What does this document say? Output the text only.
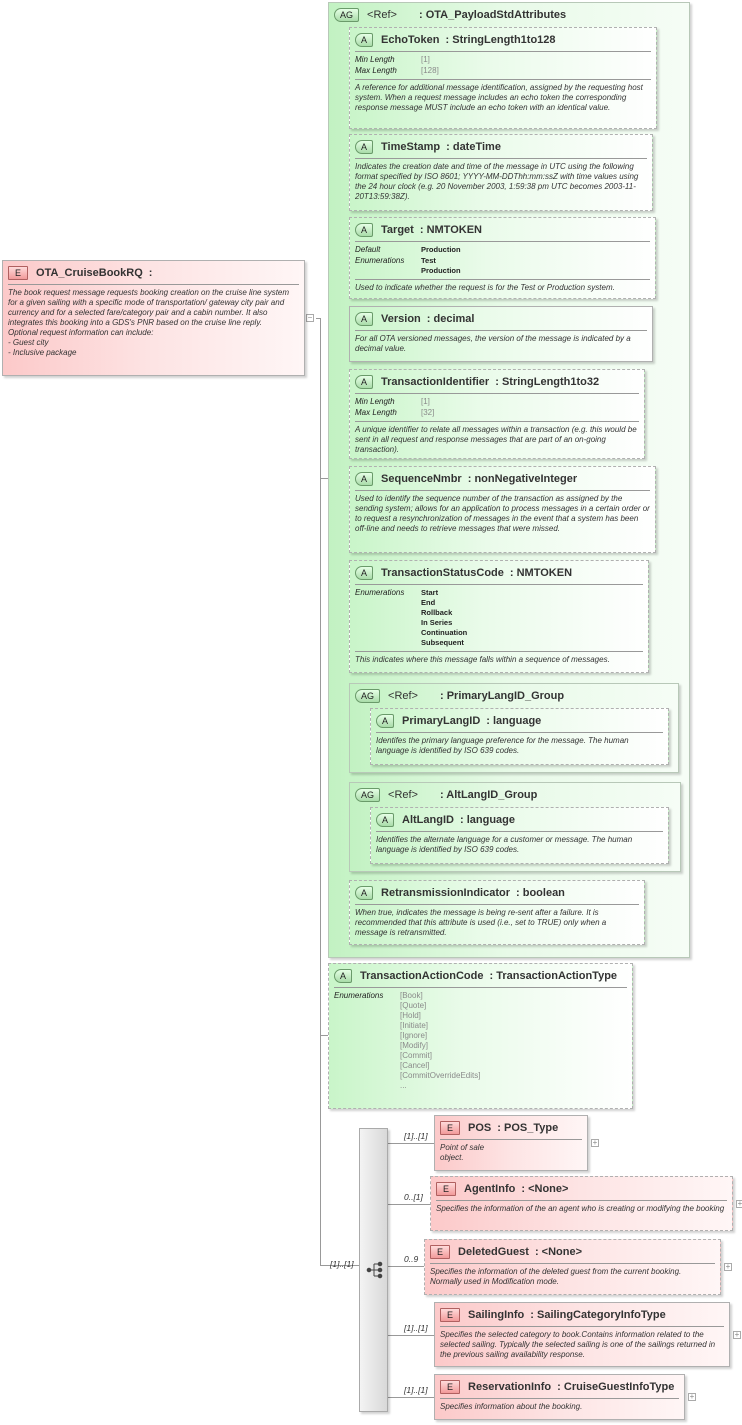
[1]..[1]
−
E	OTA_CruiseBookRQ
:
The book request message requests booking creation on the cruise line system for a given sailing with a specific mode of transportation/ gateway city pair and currency and for a selected fare/category pair and a cabin number. It also integrates this booking into a GDS's PNR based on the cruise line reply.
Optional request information can include:
- Guest city
- Inclusive package
AG	<Ref>	: OTA_PayloadStdAttributes
A	EchoToken	: StringLength1to128
Min Length	[1]
Max Length	[128]
A reference for additional message identification, assigned by the requesting host system. When a request message includes an echo token the corresponding response message MUST include an echo token with an identical value.
A	TimeStamp	: dateTime
Indicates the creation date and time of the message in UTC using the following format specified by ISO 8601; YYYY-MM-DDThh:mm:ssZ with time values using the 24 hour clock (e.g. 20 November 2003, 1:59:38 pm UTC becomes 2003-11-20T13:59:38Z).
A	Target	: NMTOKEN
Default	Production
Enumerations	Test
Production
Used to indicate whether the request is for the Test or Production system.
A	Version	: decimal
For all OTA versioned messages, the version of the message is indicated by a decimal value.
A	TransactionIdentifier	: StringLength1to32
Min Length	[1]
Max Length	[32]
A unique identifier to relate all messages within a transaction (e.g. this would be sent in all request and response messages that are part of an on-going transaction).
A	SequenceNmbr	: nonNegativeInteger
Used to identify the sequence number of the transaction as assigned by the sending system; allows for an application to process messages in a certain order or to request a resynchronization of messages in the event that a system has been off-line and needs to retrieve messages that were missed.
A	TransactionStatusCode	: NMTOKEN
Enumerations	Start
End
Rollback
In Series
Continuation
Subsequent
This indicates where this message falls within a sequence of messages.
AG	<Ref>	: PrimaryLangID_Group
A	PrimaryLangID	: language
Identifes the primary language preference for the message. The human language is identified by ISO 639 codes.
AG	<Ref>	: AltLangID_Group
A	AltLangID	: language
Identifies the alternate language for a customer or message. The human language is identified by ISO 639 codes.
A	RetransmissionIndicator	: boolean
When true, indicates the message is being re-sent after a failure. It is recommended that this attribute is used (i.e., set to TRUE) only when a message is retransmitted.
A	TransactionActionCode	: TransactionActionType
Enumerations	[Book]
[Quote]
[Hold]
[Initiate]
[Ignore]
[Modify]
[Commit]
[Cancel]
[CommitOverrideEdits]
...
E	POS	: POS_Type
Point of sale
object.
[1]..[1]
+
E	AgentInfo	: <None>
Specifies the information of the an agent who is creating or modifying the booking
0..[1]
+
E	DeletedGuest	: <None>
Specifies the information of the deleted guest from the current booking. Normally used in Modification mode.
0..9
+
E	SailingInfo	: SailingCategoryInfoType
Specifies the selected category to book.Contains information related to the selected sailing. Typically the selected sailing is one of the sailings returned in the previous sailing availability response.
[1]..[1]
+
E	ReservationInfo	: CruiseGuestInfoType
Specifies information about the booking.
[1]..[1]
+
